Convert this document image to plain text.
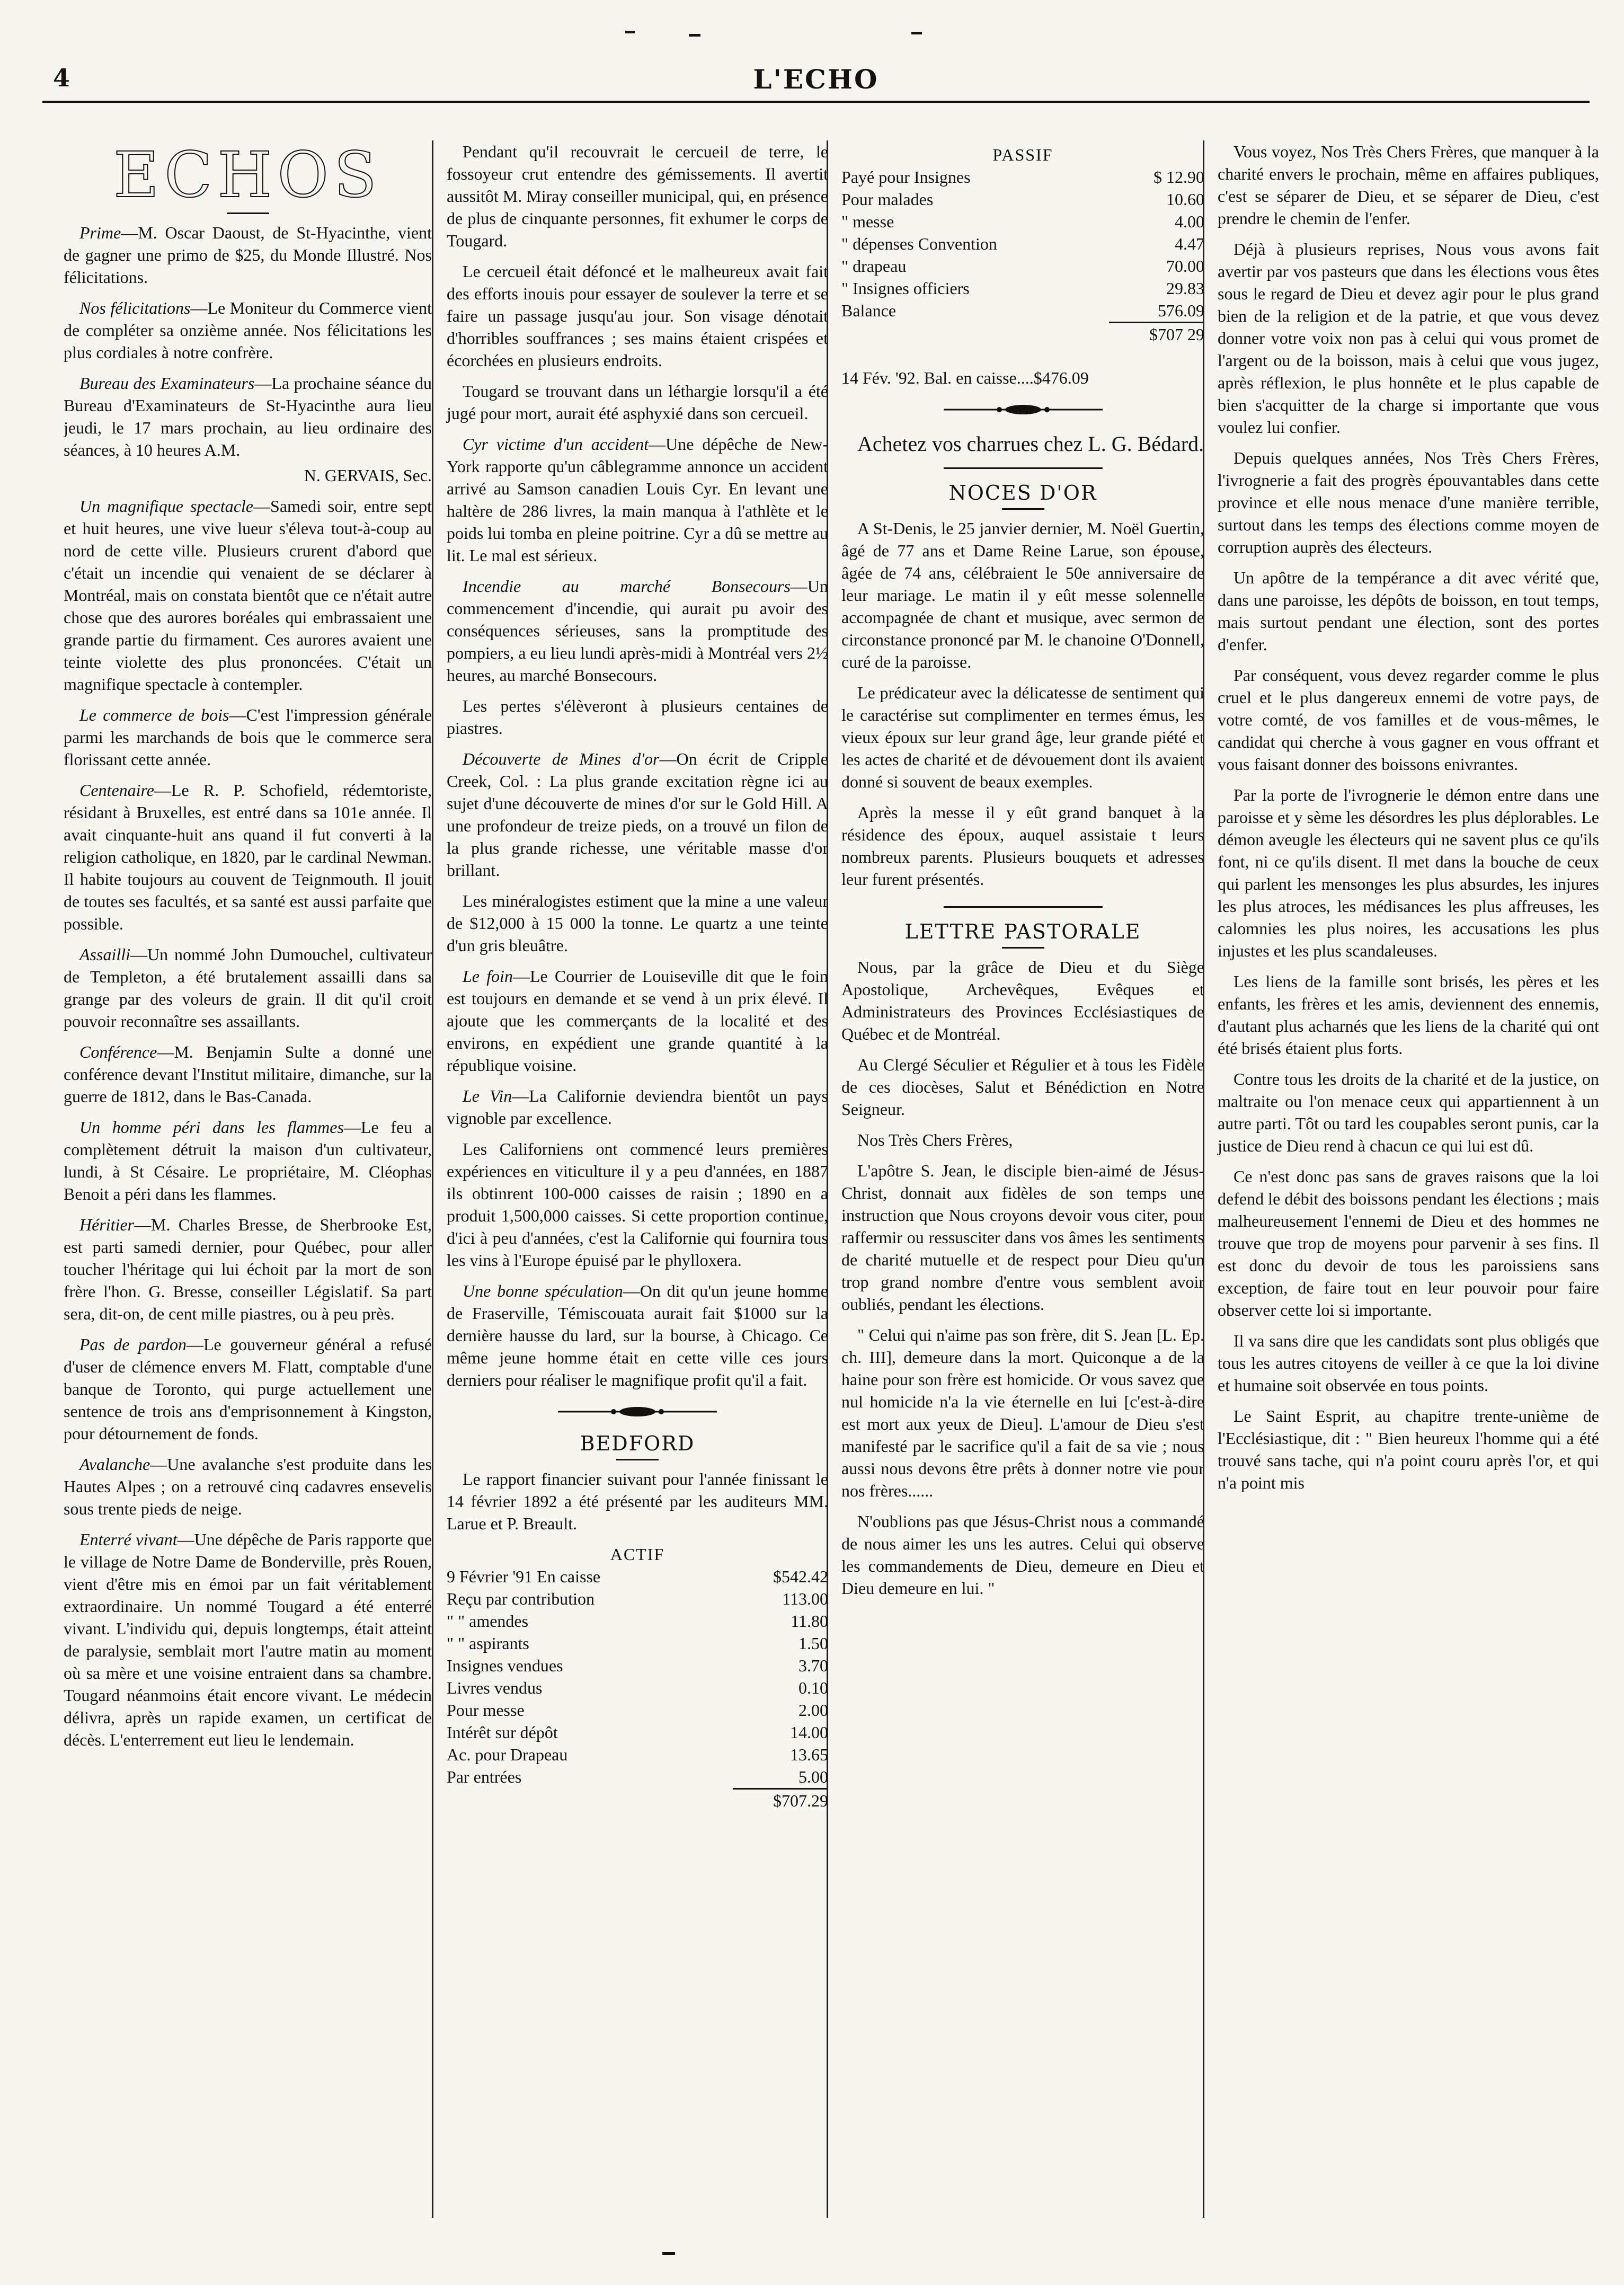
4	L'ECHO
ECHOS

Prime—M. Oscar Daoust, de St-Hyacinthe, vient de gagner une primo de $25, du Monde Illustré. Nos félicitations.

Nos félicitations—Le Moniteur du Commerce vient de compléter sa onzième année. Nos félicitations les plus cordiales à notre confrère.

Bureau des Examinateurs—La prochaine séance du Bureau d'Examinateurs de St-Hyacinthe aura lieu jeudi, le 17 mars prochain, au lieu ordinaire des séances, à 10 heures A.M.

N. GERVAIS, Sec.

Un magnifique spectacle—Samedi soir, entre sept et huit heures, une vive lueur s'éleva tout-à-coup au nord de cette ville. Plusieurs crurent d'abord que c'était un incendie qui venaient de se déclarer à Montréal, mais on constata bientôt que ce n'était autre chose que des aurores boréales qui embrassaient une grande partie du firmament. Ces aurores avaient une teinte violette des plus prononcées. C'était un magnifique spectacle à contempler.

Le commerce de bois—C'est l'impression générale parmi les marchands de bois que le commerce sera florissant cette année.

Centenaire—Le R. P. Schofield, rédemtoriste, résidant à Bruxelles, est entré dans sa 101e année. Il avait cinquante-huit ans quand il fut converti à la religion catholique, en 1820, par le cardinal Newman. Il habite toujours au couvent de Teignmouth. Il jouit de toutes ses facultés, et sa santé est aussi parfaite que possible.

Assailli—Un nommé John Dumouchel, cultivateur de Templeton, a été brutalement assailli dans sa grange par des voleurs de grain. Il dit qu'il croit pouvoir reconnaître ses assaillants.

Conférence—M. Benjamin Sulte a donné une conférence devant l'Institut militaire, dimanche, sur la guerre de 1812, dans le Bas-Canada.

Un homme péri dans les flammes—Le feu a complètement détruit la maison d'un cultivateur, lundi, à St Césaire. Le propriétaire, M. Cléophas Benoit a péri dans les flammes.

Héritier—M. Charles Bresse, de Sherbrooke Est, est parti samedi dernier, pour Québec, pour aller toucher l'héritage qui lui échoit par la mort de son frère l'hon. G. Bresse, conseiller Législatif. Sa part sera, dit-on, de cent mille piastres, ou à peu près.

Pas de pardon—Le gouverneur général a refusé d'user de clémence envers M. Flatt, comptable d'une banque de Toronto, qui purge actuellement une sentence de trois ans d'emprisonnement à Kingston, pour détournement de fonds.

Avalanche—Une avalanche s'est produite dans les Hautes Alpes ; on a retrouvé cinq cadavres ensevelis sous trente pieds de neige.

Enterré vivant—Une dépêche de Paris rapporte que le village de Notre Dame de Bonderville, près Rouen, vient d'être mis en émoi par un fait véritablement extraordinaire. Un nommé Tougard a été enterré vivant. L'individu qui, depuis longtemps, était atteint de paralysie, semblait mort l'autre matin au moment où sa mère et une voisine entraient dans sa chambre. Tougard néanmoins était encore vivant. Le médecin délivra, après un rapide examen, un certificat de décès. L'enterrement eut lieu le lendemain.

Pendant qu'il recouvrait le cercueil de terre, le fossoyeur crut entendre des gémissements. Il avertit aussitôt M. Miray conseiller municipal, qui, en présence de plus de cinquante personnes, fit exhumer le corps de Tougard.

Le cercueil était défoncé et le malheureux avait fait des efforts inouis pour essayer de soulever la terre et se faire un passage jusqu'au jour. Son visage dénotait d'horribles souffrances ; ses mains étaient crispées et écorchées en plusieurs endroits.

Tougard se trouvant dans un léthargie lorsqu'il a été jugé pour mort, aurait été asphyxié dans son cercueil.

Cyr victime d'un accident—Une dépêche de New-York rapporte qu'un câblegramme annonce un accident arrivé au Samson canadien Louis Cyr. En levant une haltère de 286 livres, la main manqua à l'athlète et le poids lui tomba en pleine poitrine. Cyr a dû se mettre au lit. Le mal est sérieux.

Incendie au marché Bonsecours—Un commencement d'incendie, qui aurait pu avoir des conséquences sérieuses, sans la promptitude des pompiers, a eu lieu lundi après-midi à Montréal vers 2½ heures, au marché Bonsecours.

Les pertes s'élèveront à plusieurs centaines de piastres.

Découverte de Mines d'or—On écrit de Cripple Creek, Col. : La plus grande excitation règne ici au sujet d'une découverte de mines d'or sur le Gold Hill. A une profondeur de treize pieds, on a trouvé un filon de la plus grande richesse, une véritable masse d'or brillant.

Les minéralogistes estiment que la mine a une valeur de $12,000 à 15 000 la tonne. Le quartz a une teinte d'un gris bleuâtre.

Le foin—Le Courrier de Louiseville dit que le foin est toujours en demande et se vend à un prix élevé. Il ajoute que les commerçants de la localité et des environs, en expédient une grande quantité à la république voisine.

Le Vin—La Californie deviendra bientôt un pays vignoble par excellence.

Les Californiens ont commencé leurs premières expériences en viticulture il y a peu d'années, en 1887 ils obtinrent 100-000 caisses de raisin ; 1890 en a produit 1,500,000 caisses. Si cette proportion continue, d'ici à peu d'années, c'est la Californie qui fournira tous les vins à l'Europe épuisé par le phylloxera.

Une bonne spéculation—On dit qu'un jeune homme de Fraserville, Témiscouata aurait fait $1000 sur la dernière hausse du lard, sur la bourse, à Chicago. Ce même jeune homme était en cette ville ces jours derniers pour réaliser le magnifique profit qu'il a fait.

BEDFORD

Le rapport financier suivant pour l'année finissant le 14 février 1892 a été présenté par les auditeurs MM. Larue et P. Breault.

ACTIF
9 Février '91 En caisse	$542.42
Reçu par contribution	113.00
" " amendes	11.80
" " aspirants	1.50
Insignes vendues	3.70
Livres vendus	0.10
Pour messe	2.00
Intérêt sur dépôt	14.00
Ac. pour Drapeau	13.65
Par entrées	5.00
$707.29
PASSIF
Payé pour Insignes	$ 12.90
Pour malades	10.60
" messe	4.00
" dépenses Convention	4.47
" drapeau	70.00
" Insignes officiers	29.83
Balance	576.09
$707 29

14 Fév. '92. Bal. en caisse....$476.09

Achetez vos charrues chez L. G. Bédard.

NOCES D'OR

A St-Denis, le 25 janvier dernier, M. Noël Guertin, âgé de 77 ans et Dame Reine Larue, son épouse, âgée de 74 ans, célébraient le 50e anniversaire de leur mariage. Le matin il y eût messe solennelle accompagnée de chant et musique, avec sermon de circonstance prononcé par M. le chanoine O'Donnell, curé de la paroisse.

Le prédicateur avec la délicatesse de sentiment qui le caractérise sut complimenter en termes émus, les vieux époux sur leur grand âge, leur grande piété et les actes de charité et de dévouement dont ils avaient donné si souvent de beaux exemples.

Après la messe il y eût grand banquet à la résidence des époux, auquel assistaie t leurs nombreux parents. Plusieurs bouquets et adresses leur furent présentés.

LETTRE PASTORALE

Nous, par la grâce de Dieu et du Siège Apostolique, Archevêques, Evêques et Administrateurs des Provinces Ecclésiastiques de Québec et de Montréal.

Au Clergé Séculier et Régulier et à tous les Fidèle de ces diocèses, Salut et Bénédiction en Notre Seigneur.

Nos Très Chers Frères,

L'apôtre S. Jean, le disciple bien-aimé de Jésus-Christ, donnait aux fidèles de son temps une instruction que Nous croyons devoir vous citer, pour raffermir ou ressusciter dans vos âmes les sentiments de charité mutuelle et de respect pour Dieu qu'un trop grand nombre d'entre vous semblent avoir oubliés, pendant les élections.

" Celui qui n'aime pas son frère, dit S. Jean [L. Ep. ch. III], demeure dans la mort. Quiconque a de la haine pour son frère est homicide. Or vous savez que nul homicide n'a la vie éternelle en lui [c'est-à-dire est mort aux yeux de Dieu]. L'amour de Dieu s'est manifesté par le sacrifice qu'il a fait de sa vie ; nous aussi nous devons être prêts à donner notre vie pour nos frères......

N'oublions pas que Jésus-Christ nous a commandé de nous aimer les uns les autres. Celui qui observe les commandements de Dieu, demeure en Dieu et Dieu demeure en lui. "

Vous voyez, Nos Très Chers Frères, que manquer à la charité envers le prochain, même en affaires publiques, c'est se séparer de Dieu, et se séparer de Dieu, c'est prendre le chemin de l'enfer.

Déjà à plusieurs reprises, Nous vous avons fait avertir par vos pasteurs que dans les élections vous êtes sous le regard de Dieu et devez agir pour le plus grand bien de la religion et de la patrie, et que vous devez donner votre voix non pas à celui qui vous promet de l'argent ou de la boisson, mais à celui que vous jugez, après réflexion, le plus honnête et le plus capable de bien s'acquitter de la charge si importante que vous voulez lui confier.

Depuis quelques années, Nos Très Chers Frères, l'ivrognerie a fait des progrès épouvantables dans cette province et elle nous menace d'une manière terrible, surtout dans les temps des élections comme moyen de corruption auprès des électeurs.

Un apôtre de la tempérance a dit avec vérité que, dans une paroisse, les dépôts de boisson, en tout temps, mais surtout pendant une élection, sont des portes d'enfer.

Par conséquent, vous devez regarder comme le plus cruel et le plus dangereux ennemi de votre pays, de votre comté, de vos familles et de vous-mêmes, le candidat qui cherche à vous gagner en vous offrant et vous faisant donner des boissons enivrantes.

Par la porte de l'ivrognerie le démon entre dans une paroisse et y sème les désordres les plus déplorables. Le démon aveugle les électeurs qui ne savent plus ce qu'ils font, ni ce qu'ils disent. Il met dans la bouche de ceux qui parlent les mensonges les plus absurdes, les injures les plus atroces, les médisances les plus affreuses, les calomnies les plus noires, les accusations les plus injustes et les plus scandaleuses.

Les liens de la famille sont brisés, les pères et les enfants, les frères et les amis, deviennent des ennemis, d'autant plus acharnés que les liens de la charité qui ont été brisés étaient plus forts.

Contre tous les droits de la charité et de la justice, on maltraite ou l'on menace ceux qui appartiennent à un autre parti. Tôt ou tard les coupables seront punis, car la justice de Dieu rend à chacun ce qui lui est dû.

Ce n'est donc pas sans de graves raisons que la loi defend le débit des boissons pendant les élections ; mais malheureusement l'ennemi de Dieu et des hommes ne trouve que trop de moyens pour parvenir à ses fins. Il est donc du devoir de tous les paroissiens sans exception, de faire tout en leur pouvoir pour faire observer cette loi si importante.

Il va sans dire que les candidats sont plus obligés que tous les autres citoyens de veiller à ce que la loi divine et humaine soit observée en tous points.

Le Saint Esprit, au chapitre trente-unième de l'Ecclésiastique, dit : " Bien heureux l'homme qui a été trouvé sans tache, qui n'a point couru après l'or, et qui n'a point mis
